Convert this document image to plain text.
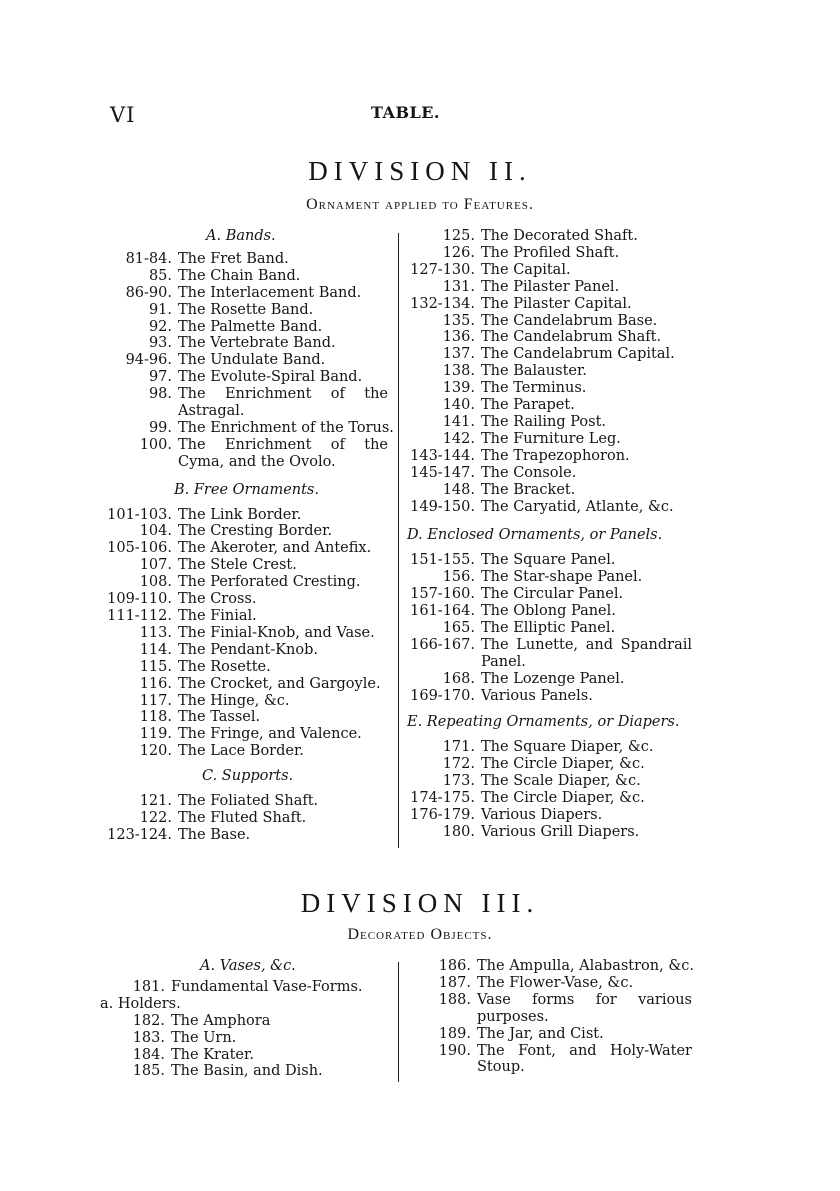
VI	TABLE.
DIVISION II.
Ornament applied to Features.
A. Bands.
81-84. The Fret Band.
85. The Chain Band.
86-90. The Interlacement Band.
91. The Rosette Band.
92. The Palmette Band.
93. The Vertebrate Band.
94-96. The Undulate Band.
97. The Evolute-Spiral Band.
98. The Enrichment of the Astragal.
99. The Enrichment of the Torus.
100. The Enrichment of the Cyma, and the Ovolo.
B. Free Ornaments.
101-103. The Link Border.
104. The Cresting Border.
105-106. The Akeroter, and Antefix.
107. The Stele Crest.
108. The Perforated Cresting.
109-110. The Cross.
111-112. The Finial.
113. The Finial-Knob, and Vase.
114. The Pendant-Knob.
115. The Rosette.
116. The Crocket, and Gargoyle.
117. The Hinge, &c.
118. The Tassel.
119. The Fringe, and Valence.
120. The Lace Border.
C. Supports.
121. The Foliated Shaft.
122. The Fluted Shaft.
123-124. The Base.
125. The Decorated Shaft.
126. The Profiled Shaft.
127-130. The Capital.
131. The Pilaster Panel.
132-134. The Pilaster Capital.
135. The Candelabrum Base.
136. The Candelabrum Shaft.
137. The Candelabrum Capital.
138. The Balauster.
139. The Terminus.
140. The Parapet.
141. The Railing Post.
142. The Furniture Leg.
143-144. The Trapezophoron.
145-147. The Console.
148. The Bracket.
149-150. The Caryatid, Atlante, &c.
D. Enclosed Ornaments, or Panels.
151-155. The Square Panel.
156. The Star-shape Panel.
157-160. The Circular Panel.
161-164. The Oblong Panel.
165. The Elliptic Panel.
166-167. The Lunette, and Spandrail Panel.
168. The Lozenge Panel.
169-170. Various Panels.
E. Repeating Ornaments, or Diapers.
171. The Square Diaper, &c.
172. The Circle Diaper, &c.
173. The Scale Diaper, &c.
174-175. The Circle Diaper, &c.
176-179. Various Diapers.
180. Various Grill Diapers.
DIVISION III.
Decorated Objects.
A. Vases, &c.
181. Fundamental Vase-Forms.
a. Holders.
182. The Amphora
183. The Urn.
184. The Krater.
185. The Basin, and Dish.
186. The Ampulla, Alabastron, &c.
187. The Flower-Vase, &c.
188. Vase forms for various purposes.
189. The Jar, and Cist.
190. The Font, and Holy-Water Stoup.
